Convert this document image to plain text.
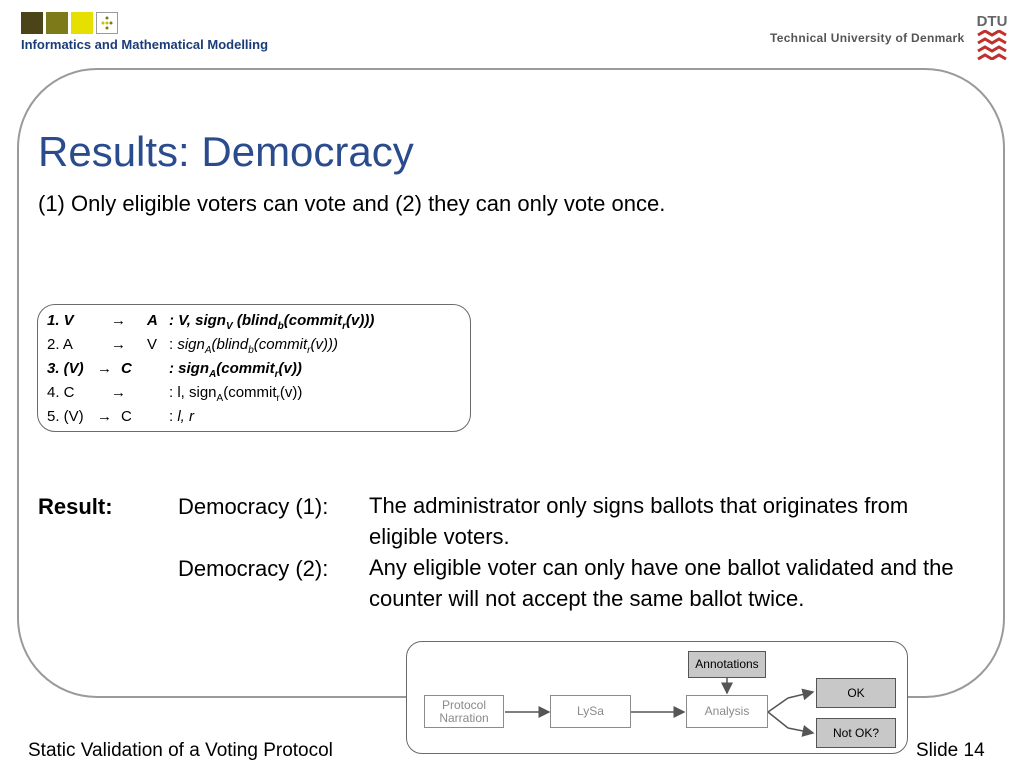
Informatics and Mathematical Modelling	Technical University of Denmark
DTU
Results: Democracy
(1) Only eligible voters can vote and (2) they can only vote once.
1. V → A : V, sign$_V$ (blind$_b$(commit$_r$(v)))
2. A	→ V : sign$_A$(blind$_b$(commit$_r$(v)))
3. (V) → C : sign$_A$(commit$_r$(v))
4. C →	: l, sign$_A$(commit$_r$(v))
5. (V) → C : l, r
Result:	Democracy (1): The administrator only signs ballots that originates from eligible voters.
Democracy (2): Any eligible voter can only have one ballot validated and the counter will not accept the same ballot twice.
Protocol Narration	LySa	Analysis
Annotations
OK
Not OK?
Static Validation of a Voting Protocol	Slide 14
